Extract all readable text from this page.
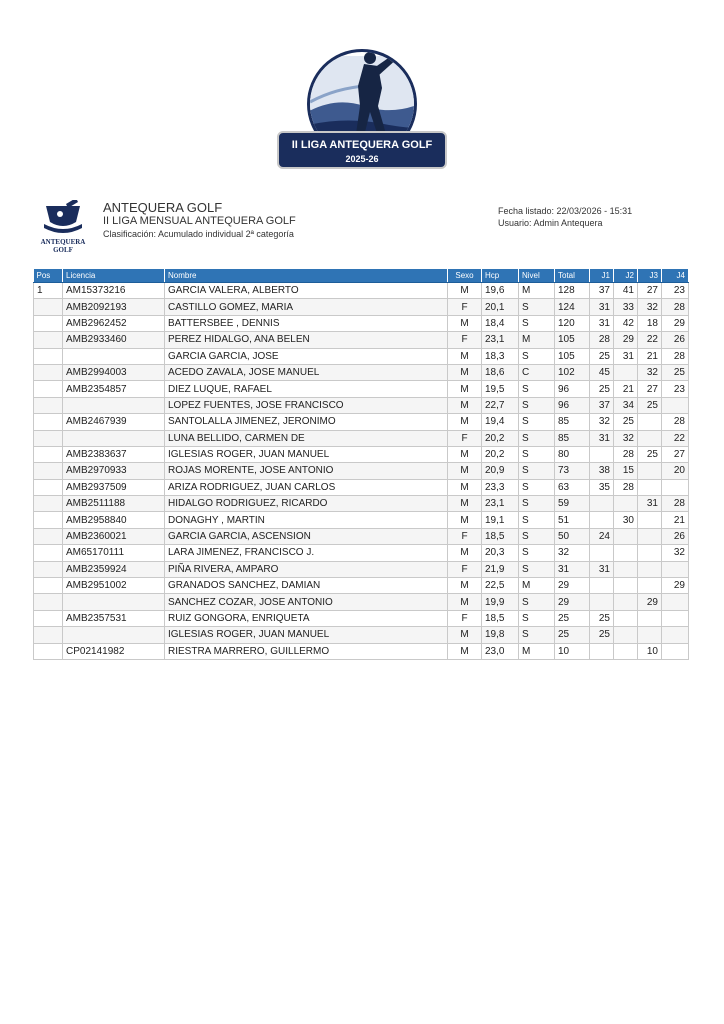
II LIGA ANTEQUERA GOLF
2025-26
ANTEQUERA
GOLF
ANTEQUERA GOLF
II LIGA MENSUAL ANTEQUERA GOLF
Clasificación: Acumulado individual 2ª categoría
Fecha listado: 22/03/2026 - 15:31
Usuario: Admin Antequera
Pos	Licencia	Nombre	Sexo	Hcp	Nivel	Total	J1	J2	J3	J4
1	AM15373216	GARCIA VALERA, ALBERTO	M	19,6	M	128	37	41	27	23
	AMB2092193	CASTILLO GOMEZ, MARIA	F	20,1	S	124	31	33	32	28
	AMB2962452	BATTERSBEE , DENNIS	M	18,4	S	120	31	42	18	29
	AMB2933460	PEREZ HIDALGO, ANA BELEN	F	23,1	M	105	28	29	22	26
		GARCIA GARCIA, JOSE	M	18,3	S	105	25	31	21	28
	AMB2994003	ACEDO ZAVALA, JOSE MANUEL	M	18,6	C	102	45		32	25
	AMB2354857	DIEZ LUQUE, RAFAEL	M	19,5	S	96	25	21	27	23
		LOPEZ FUENTES, JOSE FRANCISCO	M	22,7	S	96	37	34	25	
	AMB2467939	SANTOLALLA JIMENEZ, JERONIMO	M	19,4	S	85	32	25		28
		LUNA BELLIDO, CARMEN DE	F	20,2	S	85	31	32		22
	AMB2383637	IGLESIAS ROGER, JUAN MANUEL	M	20,2	S	80		28	25	27
	AMB2970933	ROJAS MORENTE, JOSE ANTONIO	M	20,9	S	73	38	15		20
	AMB2937509	ARIZA RODRIGUEZ, JUAN CARLOS	M	23,3	S	63	35	28		
	AMB2511188	HIDALGO RODRIGUEZ, RICARDO	M	23,1	S	59			31	28
	AMB2958840	DONAGHY , MARTIN	M	19,1	S	51		30		21
	AMB2360021	GARCIA GARCIA, ASCENSION	F	18,5	S	50	24			26
	AM65170111	LARA JIMENEZ, FRANCISCO J.	M	20,3	S	32				32
	AMB2359924	PIÑA RIVERA, AMPARO	F	21,9	S	31	31			
	AMB2951002	GRANADOS SANCHEZ, DAMIAN	M	22,5	M	29				29
		SANCHEZ COZAR, JOSE ANTONIO	M	19,9	S	29			29	
	AMB2357531	RUIZ GONGORA, ENRIQUETA	F	18,5	S	25	25			
		IGLESIAS ROGER, JUAN MANUEL	M	19,8	S	25	25			
	CP02141982	RIESTRA MARRERO, GUILLERMO	M	23,0	M	10			10	
